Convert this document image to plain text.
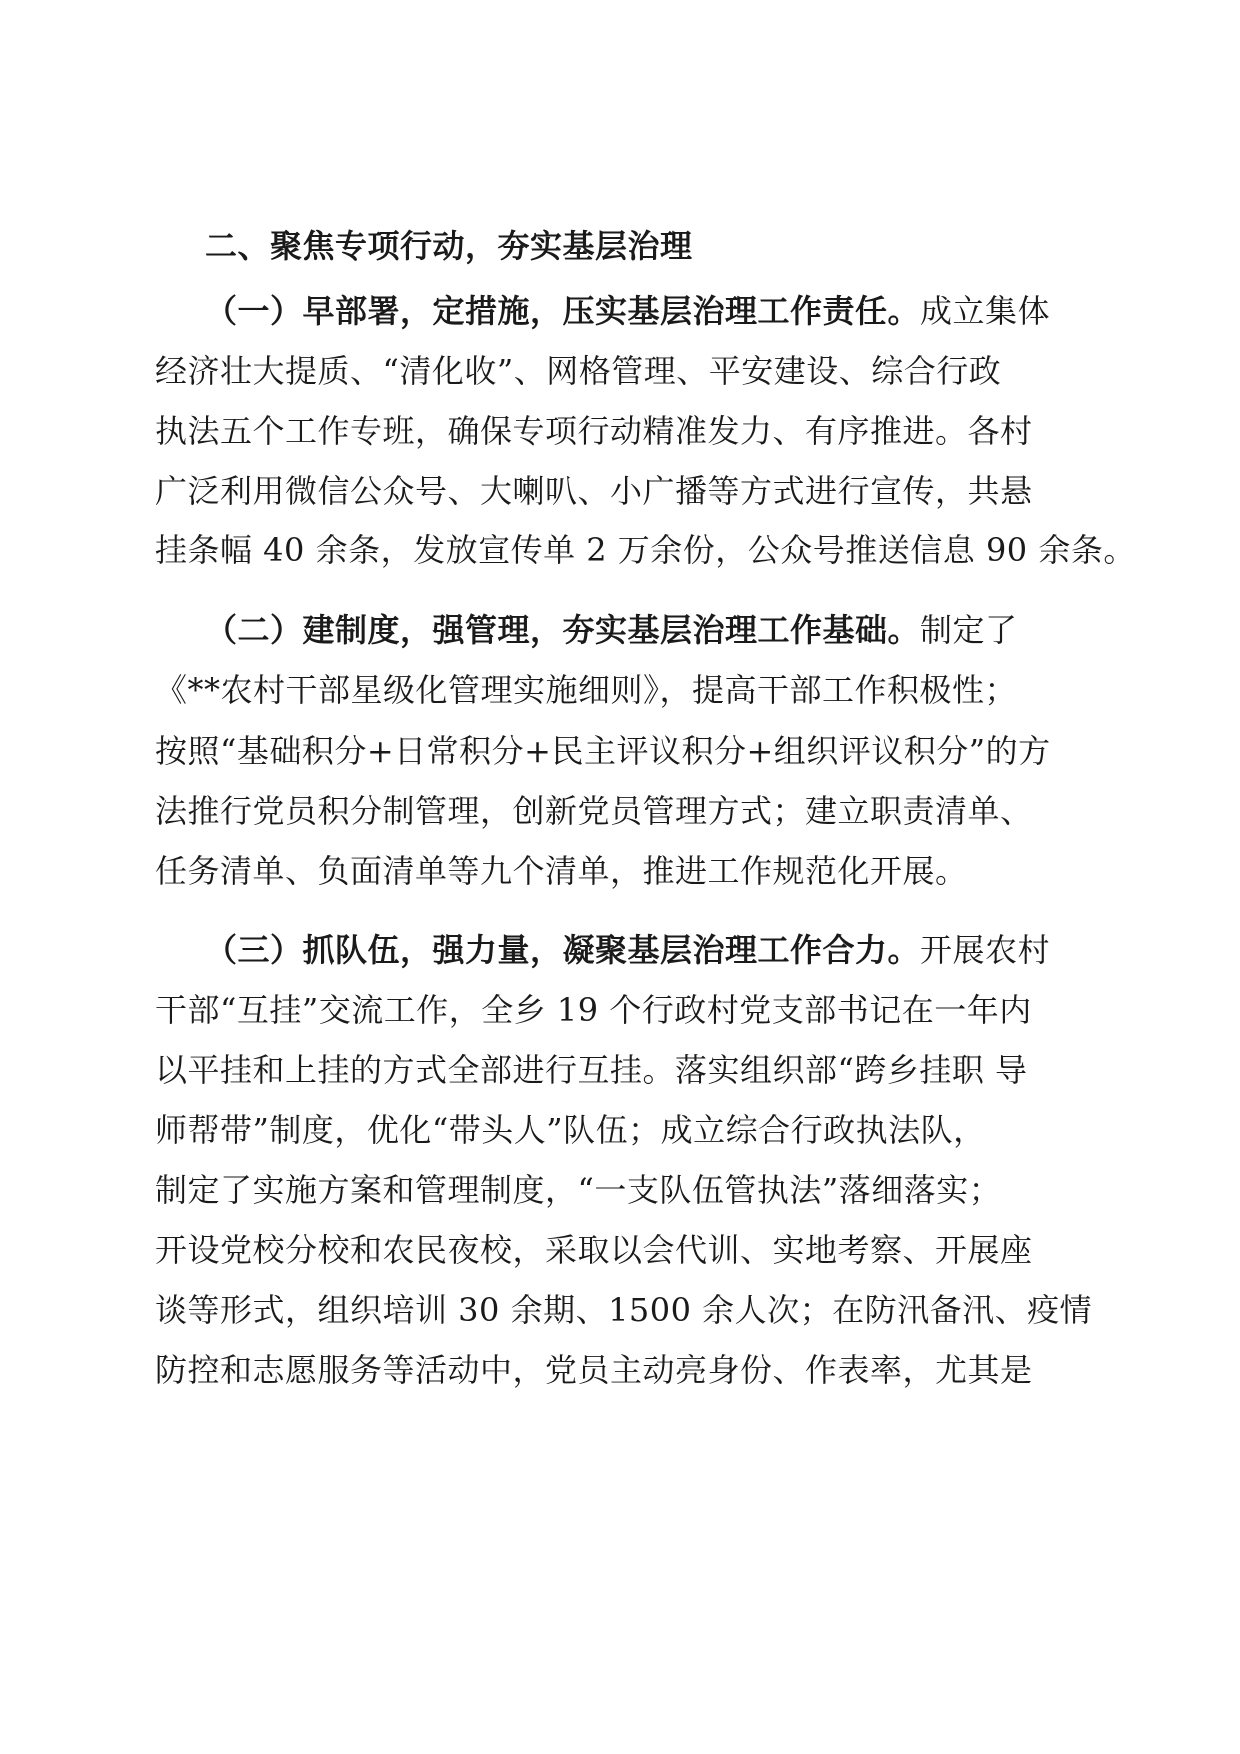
二、聚焦专项行动，夯实基层治理
（一）早部署，定措施，压实基层治理工作责任。成立集体
经济壮大提质、“清化收”、网格管理、平安建设、综合行政
执法五个工作专班，确保专项行动精准发力、有序推进。各村
广泛利用微信公众号、大喇叭、小广播等方式进行宣传，共悬
挂条幅 40 余条，发放宣传单 2 万余份，公众号推送信息 90 余条。
（二）建制度，强管理，夯实基层治理工作基础。制定了
《**农村干部星级化管理实施细则》，提高干部工作积极性；
按照“基础积分+日常积分+民主评议积分+组织评议积分”的方
法推行党员积分制管理，创新党员管理方式；建立职责清单、
任务清单、负面清单等九个清单，推进工作规范化开展。
（三）抓队伍，强力量，凝聚基层治理工作合力。开展农村
干部“互挂”交流工作，全乡 19 个行政村党支部书记在一年内
以平挂和上挂的方式全部进行互挂。落实组织部“跨乡挂职 导
师帮带”制度，优化“带头人”队伍；成立综合行政执法队，
制定了实施方案和管理制度，“一支队伍管执法”落细落实；
开设党校分校和农民夜校，采取以会代训、实地考察、开展座
谈等形式，组织培训 30 余期、1500 余人次；在防汛备汛、疫情
防控和志愿服务等活动中，党员主动亮身份、作表率，尤其是
